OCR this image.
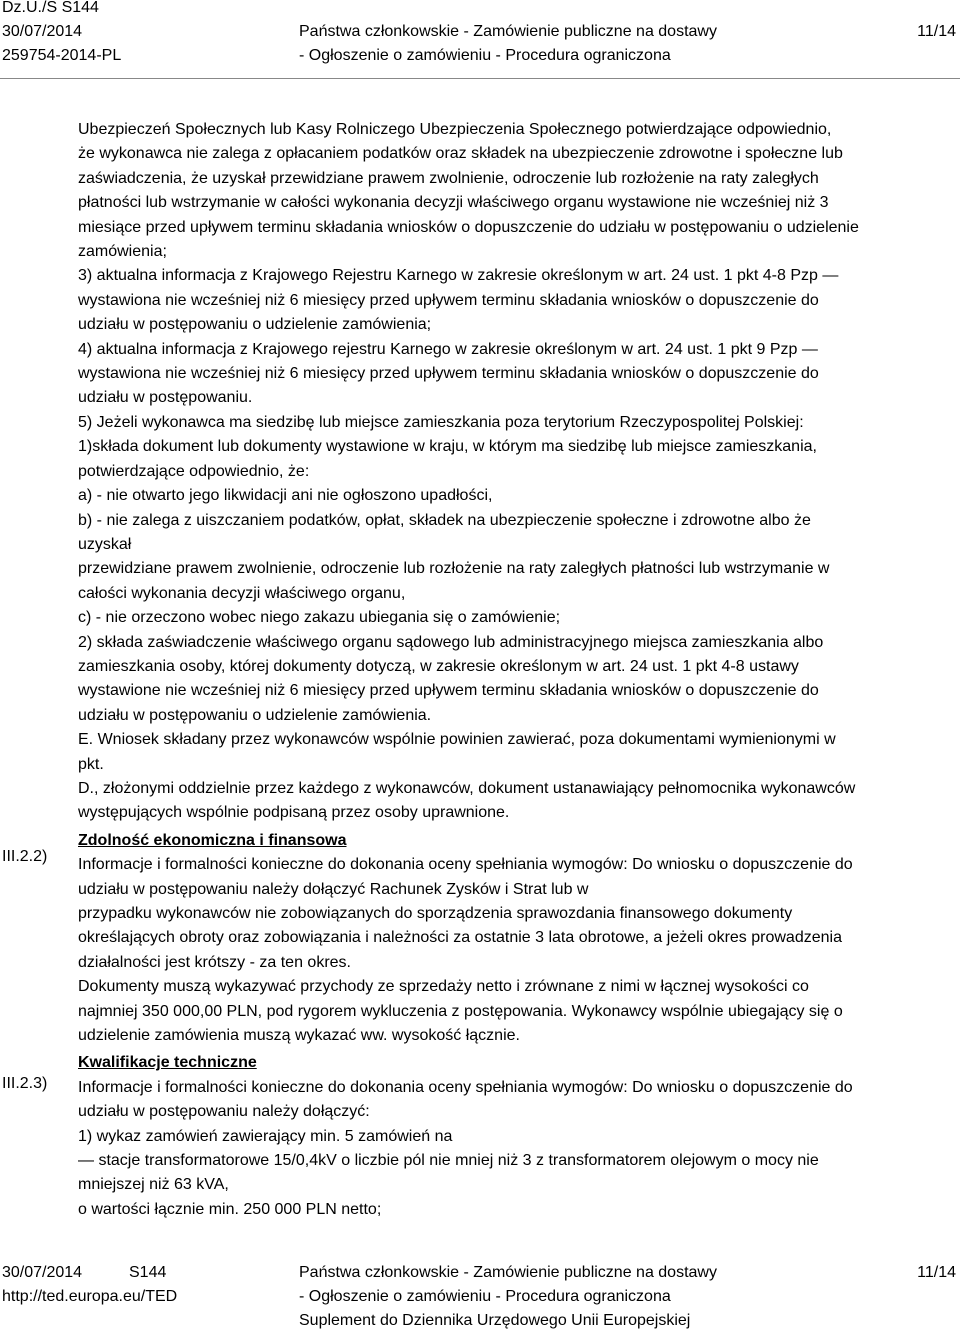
Dz.U./S S144
30/07/2014
259754-2014-PL
Państwa członkowskie - Zamówienie publiczne na dostawy
- Ogłoszenie o zamówieniu - Procedura ograniczona
11/14

Ubezpieczeń Społecznych lub Kasy Rolniczego Ubezpieczenia Społecznego potwierdzające odpowiednio,

że wykonawca nie zalega z opłacaniem podatków oraz składek na ubezpieczenie zdrowotne i społeczne lub

zaświadczenia, że uzyskał przewidziane prawem zwolnienie, odroczenie lub rozłożenie na raty zaległych

płatności lub wstrzymanie w całości wykonania decyzji właściwego organu wystawione nie wcześniej niż 3

miesiące przed upływem terminu składania wniosków o dopuszczenie do udziału w postępowaniu o udzielenie

zamówienia;

3) aktualna informacja z Krajowego Rejestru Karnego w zakresie określonym w art. 24 ust. 1 pkt 4-8 Pzp —

wystawiona nie wcześniej niż 6 miesięcy przed upływem terminu składania wniosków o dopuszczenie do

udziału w postępowaniu o udzielenie zamówienia;

4) aktualna informacja z Krajowego rejestru Karnego w zakresie określonym w art. 24 ust. 1 pkt 9 Pzp —

wystawiona nie wcześniej niż 6 miesięcy przed upływem terminu składania wniosków o dopuszczenie do

udziału w postępowaniu.

5) Jeżeli wykonawca ma siedzibę lub miejsce zamieszkania poza terytorium Rzeczypospolitej Polskiej:

1)składa dokument lub dokumenty wystawione w kraju, w którym ma siedzibę lub miejsce zamieszkania,

potwierdzające odpowiednio, że:

a) - nie otwarto jego likwidacji ani nie ogłoszono upadłości,

b) - nie zalega z uiszczaniem podatków, opłat, składek na ubezpieczenie społeczne i zdrowotne albo że

uzyskał

przewidziane prawem zwolnienie, odroczenie lub rozłożenie na raty zaległych płatności lub wstrzymanie w

całości wykonania decyzji właściwego organu,

c) - nie orzeczono wobec niego zakazu ubiegania się o zamówienie;

2) składa zaświadczenie właściwego organu sądowego lub administracyjnego miejsca zamieszkania albo

zamieszkania osoby, której dokumenty dotyczą, w zakresie określonym w art. 24 ust. 1 pkt 4-8 ustawy

wystawione nie wcześniej niż 6 miesięcy przed upływem terminu składania wniosków o dopuszczenie do

udziału w postępowaniu o udzielenie zamówienia.

E. Wniosek składany przez wykonawców wspólnie powinien zawierać, poza dokumentami wymienionymi w

pkt.

D., złożonymi oddzielnie przez każdego z wykonawców, dokument ustanawiający pełnomocnika wykonawców

występujących wspólnie podpisaną przez osoby uprawnione.

Zdolność ekonomiczna i finansowa

Informacje i formalności konieczne do dokonania oceny spełniania wymogów: Do wniosku o dopuszczenie do

udziału w postępowaniu należy dołączyć Rachunek Zysków i Strat lub w

przypadku wykonawców nie zobowiązanych do sporządzenia sprawozdania finansowego dokumenty

określających obroty oraz zobowiązania i należności za ostatnie 3 lata obrotowe, a jeżeli okres prowadzenia

działalności jest krótszy - za ten okres.

Dokumenty muszą wykazywać przychody ze sprzedaży netto i zrównane z nimi w łącznej wysokości co

najmniej 350 000,00 PLN, pod rygorem wykluczenia z postępowania. Wykonawcy wspólnie ubiegający się o

udzielenie zamówienia muszą wykazać ww. wysokość łącznie.

Kwalifikacje techniczne

Informacje i formalności konieczne do dokonania oceny spełniania wymogów: Do wniosku o dopuszczenie do

udziału w postępowaniu należy dołączyć:

1) wykaz zamówień zawierający min. 5 zamówień na

— stacje transformatorowe 15/0,4kV o liczbie pól nie mniej niż 3 z transformatorem olejowym o mocy nie

mniejszej niż 63 kVA,

o wartości łącznie min. 250 000 PLN netto;

III.2.2)
III.2.3)
30/07/2014	S144
http://ted.europa.eu/TED
Państwa członkowskie - Zamówienie publiczne na dostawy
- Ogłoszenie o zamówieniu - Procedura ograniczona
Suplement do Dziennika Urzędowego Unii Europejskiej
11/14
